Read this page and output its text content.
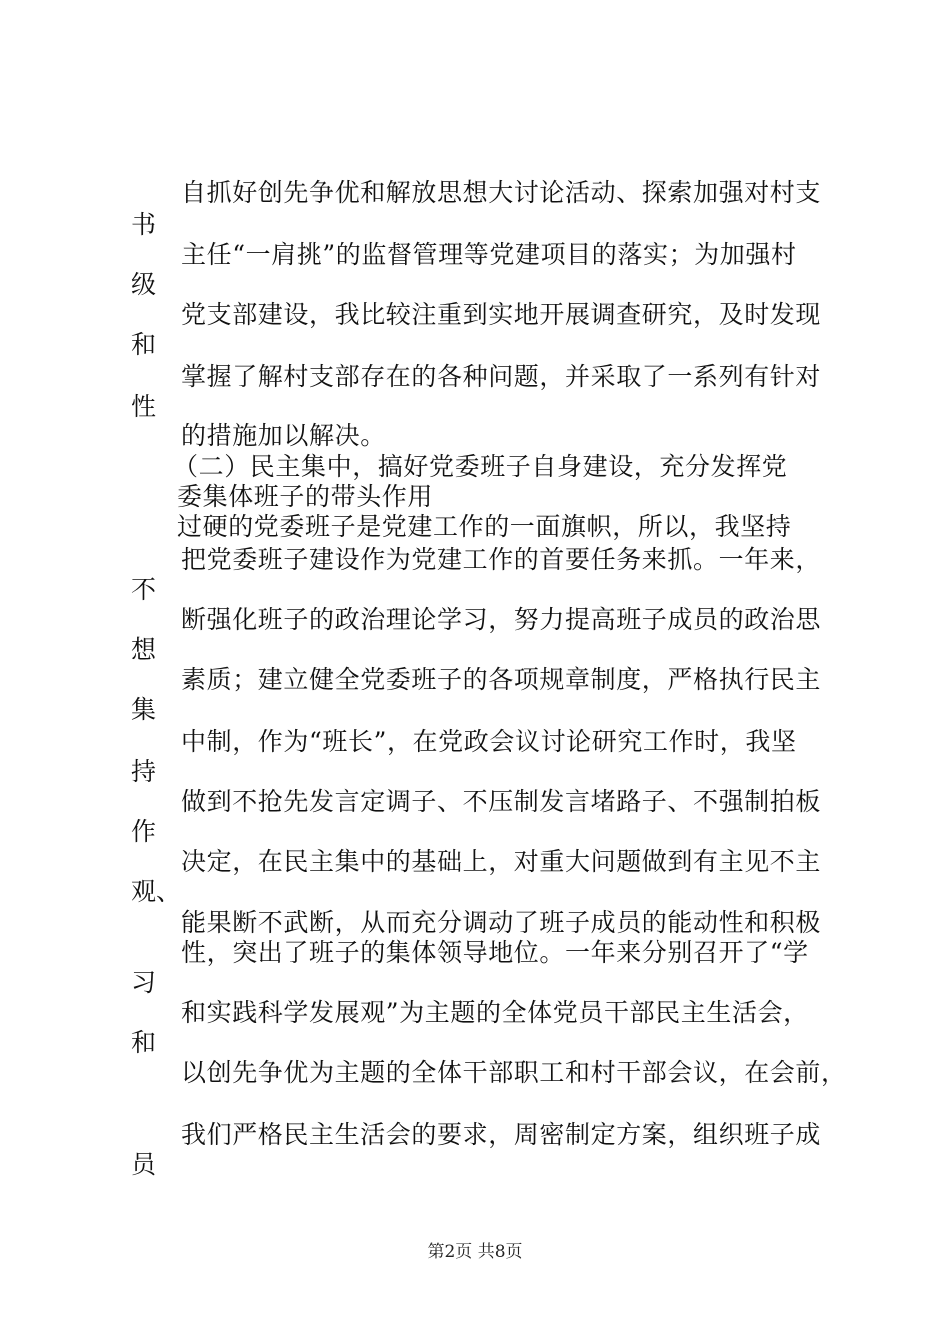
自抓好创先争优和解放思想大讨论活动、探索加强对村支
书
主任“一肩挑”的监督管理等党建项目的落实；为加强村
级
党支部建设，我比较注重到实地开展调查研究，及时发现
和
掌握了解村支部存在的各种问题，并采取了一系列有针对
性
的措施加以解决。
（二）民主集中，搞好党委班子自身建设，充分发挥党
委集体班子的带头作用
过硬的党委班子是党建工作的一面旗帜，所以，我坚持
把党委班子建设作为党建工作的首要任务来抓。一年来，
不
断强化班子的政治理论学习，努力提高班子成员的政治思
想
素质；建立健全党委班子的各项规章制度，严格执行民主
集
中制，作为“班长”，在党政会议讨论研究工作时，我坚
持
做到不抢先发言定调子、不压制发言堵路子、不强制拍板
作
决定，在民主集中的基础上，对重大问题做到有主见不主
观、
能果断不武断，从而充分调动了班子成员的能动性和积极
性，突出了班子的集体领导地位。一年来分别召开了“学
习
和实践科学发展观”为主题的全体党员干部民主生活会，
和
以创先争优为主题的全体干部职工和村干部会议，在会前，
我们严格民主生活会的要求，周密制定方案，组织班子成
员
第2页 共8页
